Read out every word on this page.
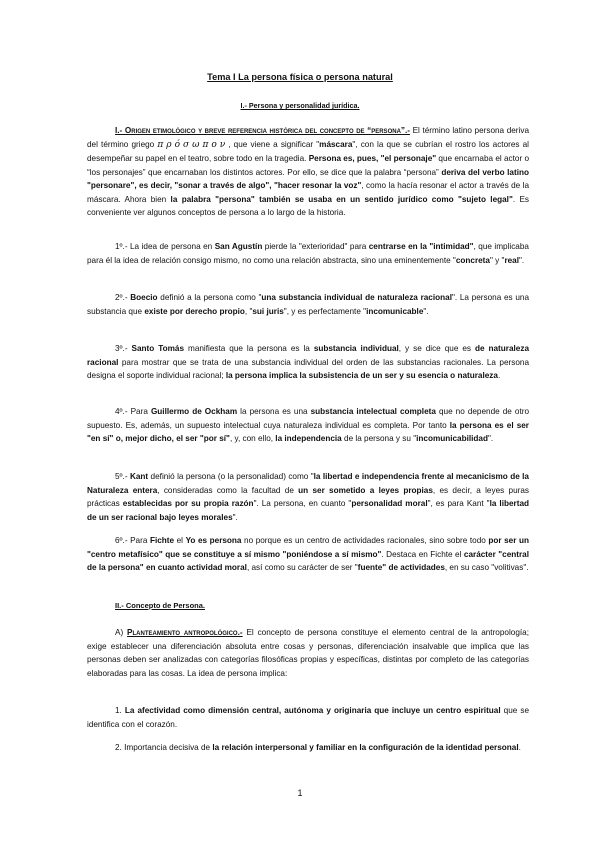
Tema I La persona física o persona natural
I.- Persona y personalidad jurídica.
I.- Origen etimológico y breve referencia histórica del concepto de “persona”.- El término latino persona deriva del término griego πρόσωπον, que viene a significar "máscara", con la que se cubrían el rostro los actores al desempeñar su papel en el teatro, sobre todo en la tragedia. Persona es, pues, "el personaje" que encarnaba el actor o “los personajes” que encarnaban los distintos actores. Por ello, se dice que la palabra “persona” deriva del verbo latino "personare", es decir, "sonar a través de algo", "hacer resonar la voz", como la hacía resonar el actor a través de la máscara. Ahora bien la palabra "persona" también se usaba en un sentido jurídico como "sujeto legal". Es conveniente ver algunos conceptos de persona a lo largo de la historia.
1º.- La idea de persona en San Agustín pierde la "exterioridad" para centrarse en la "intimidad", que implicaba para él la idea de relación consigo mismo, no como una relación abstracta, sino una eminentemente "concreta" y "real".
2º.- Boecio definió a la persona como "una substancia individual de naturaleza racional". La persona es una substancia que existe por derecho propio, "sui juris", y es perfectamente "incomunicable".
3º.- Santo Tomás manifiesta que la persona es la substancia individual, y se dice que es de naturaleza racional para mostrar que se trata de una substancia individual del orden de las substancias racionales. La persona designa el soporte individual racional; la persona implica la subsistencia de un ser y su esencia o naturaleza.
4º.- Para Guillermo de Ockham la persona es una substancia intelectual completa que no depende de otro supuesto. Es, además, un supuesto intelectual cuya naturaleza individual es completa. Por tanto la persona es el ser "en sí" o, mejor dicho, el ser "por sí", y, con ello, la independencia de la persona y su "incomunicabilidad".
5º.- Kant definió la persona (o la personalidad) como "la libertad e independencia frente al mecanicismo de la Naturaleza entera, consideradas como la facultad de un ser sometido a leyes propias, es decir, a leyes puras prácticas establecidas por su propia razón". La persona, en cuanto "personalidad moral", es para Kant "la libertad de un ser racional bajo leyes morales".
6º.- Para Fichte el Yo es persona no porque es un centro de actividades racionales, sino sobre todo por ser un "centro metafísico" que se constituye a sí mismo "poniéndose a sí mismo". Destaca en Fichte el carácter "central de la persona" en cuanto actividad moral, así como su carácter de ser "fuente" de actividades, en su caso "volitivas".
II.- Concepto de Persona.
A) Planteamiento antropológico.- El concepto de persona constituye el elemento central de la antropología; exige establecer una diferenciación absoluta entre cosas y personas, diferenciación insalvable que implica que las personas deben ser analizadas con categorías filosóficas propias y específicas, distintas por completo de las categorías elaboradas para las cosas. La idea de persona implica:
1. La afectividad como dimensión central, autónoma y originaria que incluye un centro espiritual que se identifica con el corazón.
2. Importancia decisiva de la relación interpersonal y familiar en la configuración de la identidad personal.
1
